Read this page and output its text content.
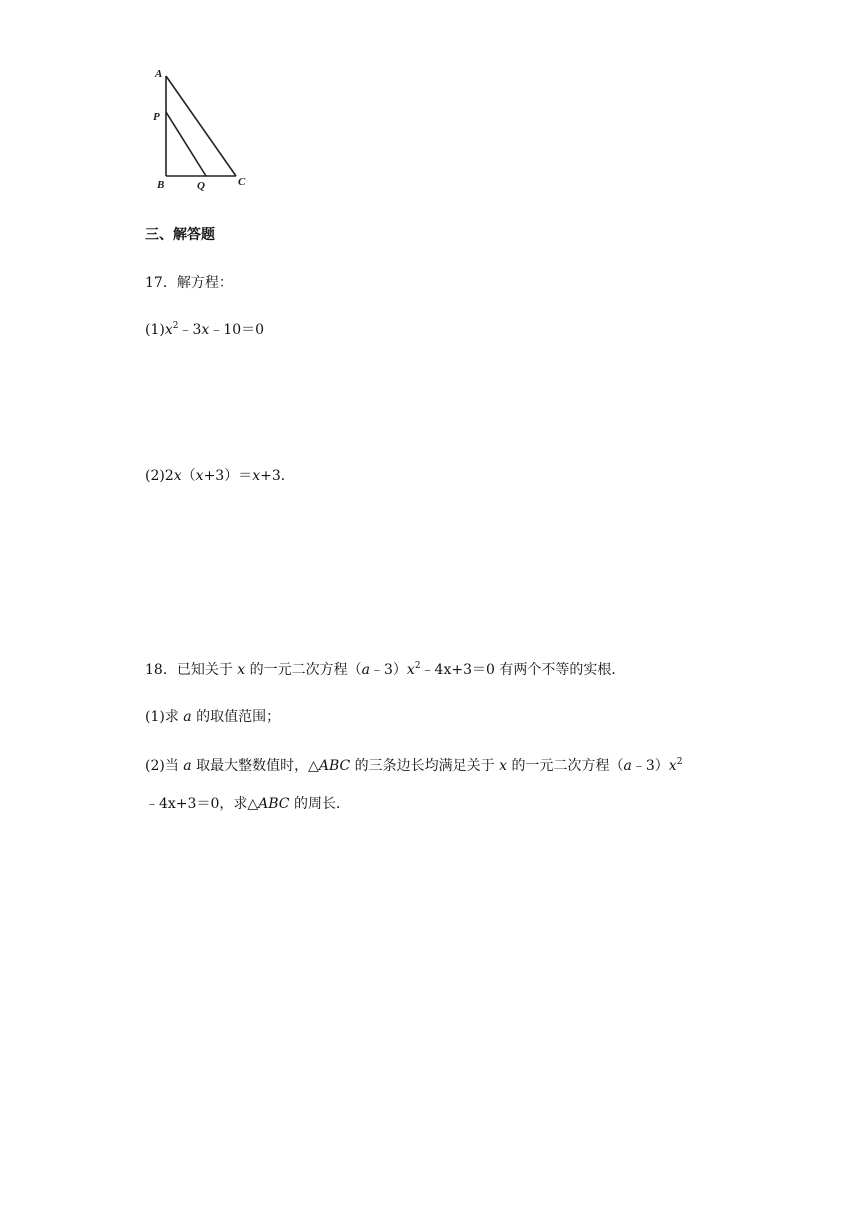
A
P
B	Q	C
三、解答题
17．解方程：
$(1)x^2﹣3x﹣10=0$
(2)2x（x+3）＝x+3．
18．已知关于 x 的一元二次方程$(a﹣3)x^2﹣4x+3=0$ 有两个不等的实根．
(1)求 a 的取值范围；
(2)当 a 取最大整数值时，△ABC 的三条边长均满足关于 x 的一元二次方程$(a﹣3)x^2$
﹣4x+3＝0，求△ABC 的周长．
